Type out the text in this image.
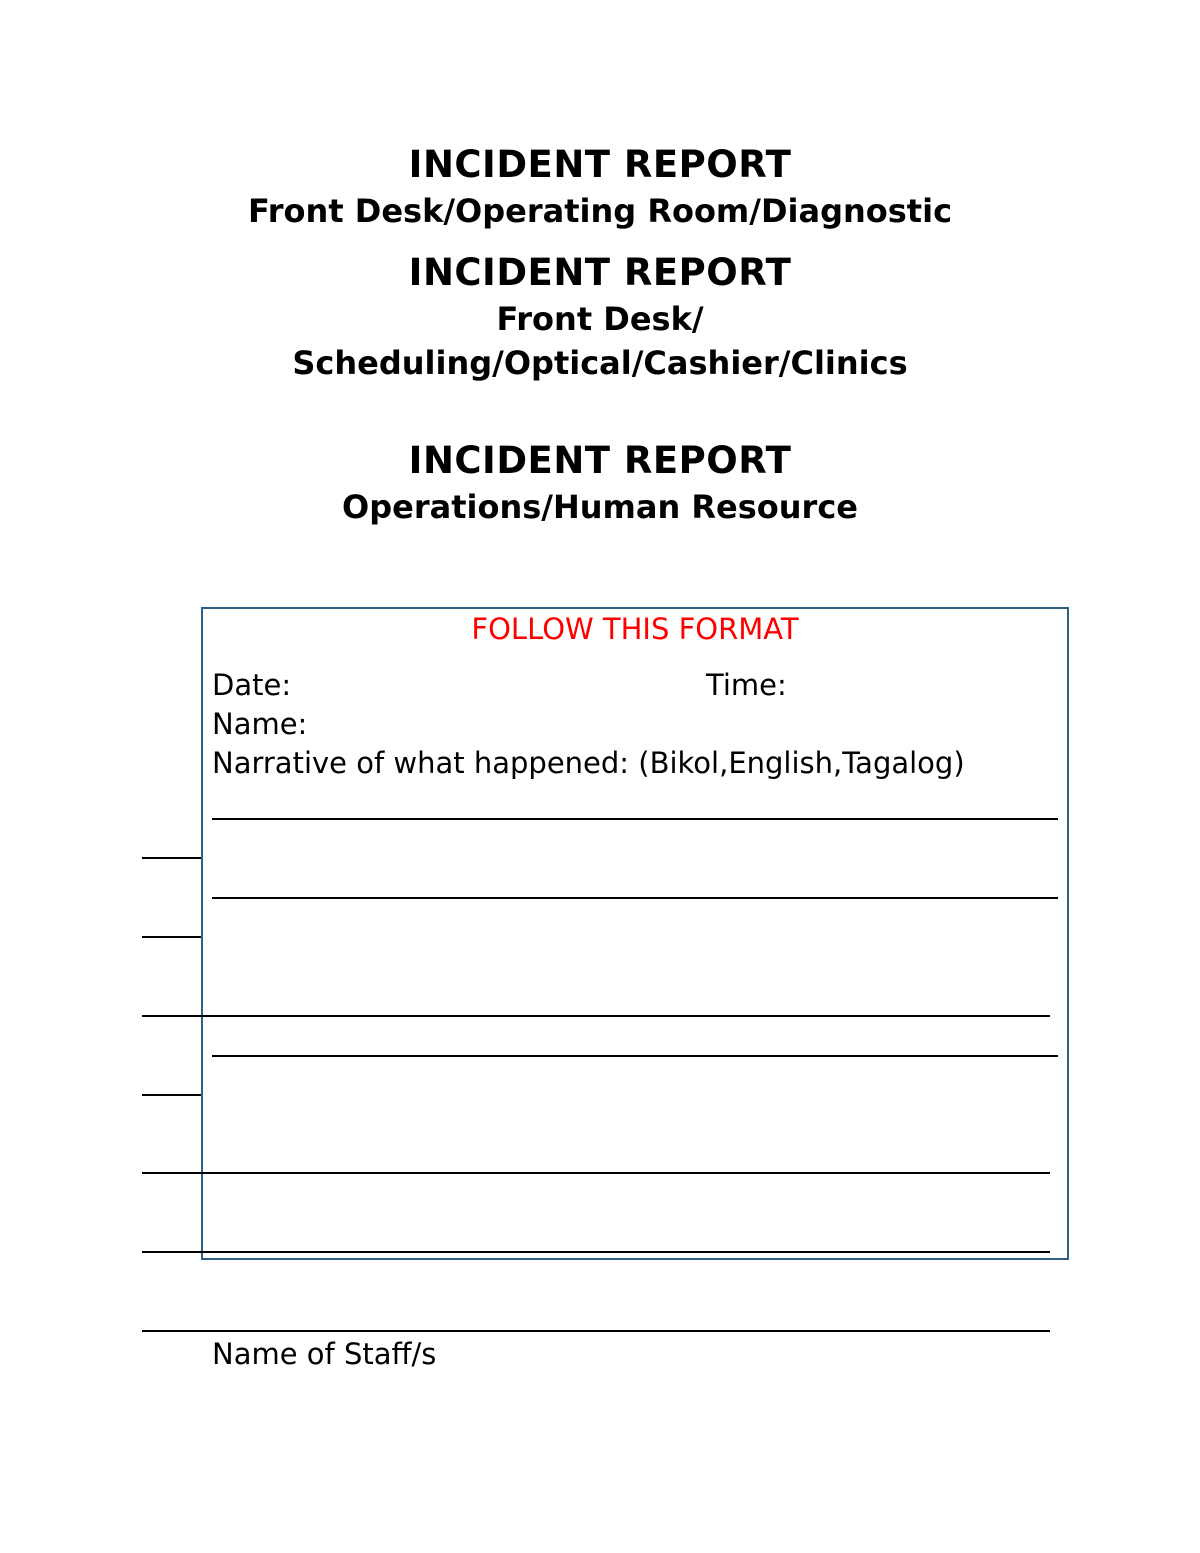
INCIDENT REPORT
Front Desk/Operating Room/Diagnostic
INCIDENT REPORT
Front Desk/
Scheduling/Optical/Cashier/Clinics
INCIDENT REPORT
Operations/Human Resource
FOLLOW THIS FORMAT
Date:	Time:
Name:
Narrative of what happened: (Bikol,English,Tagalog)
Name of Staff/s
